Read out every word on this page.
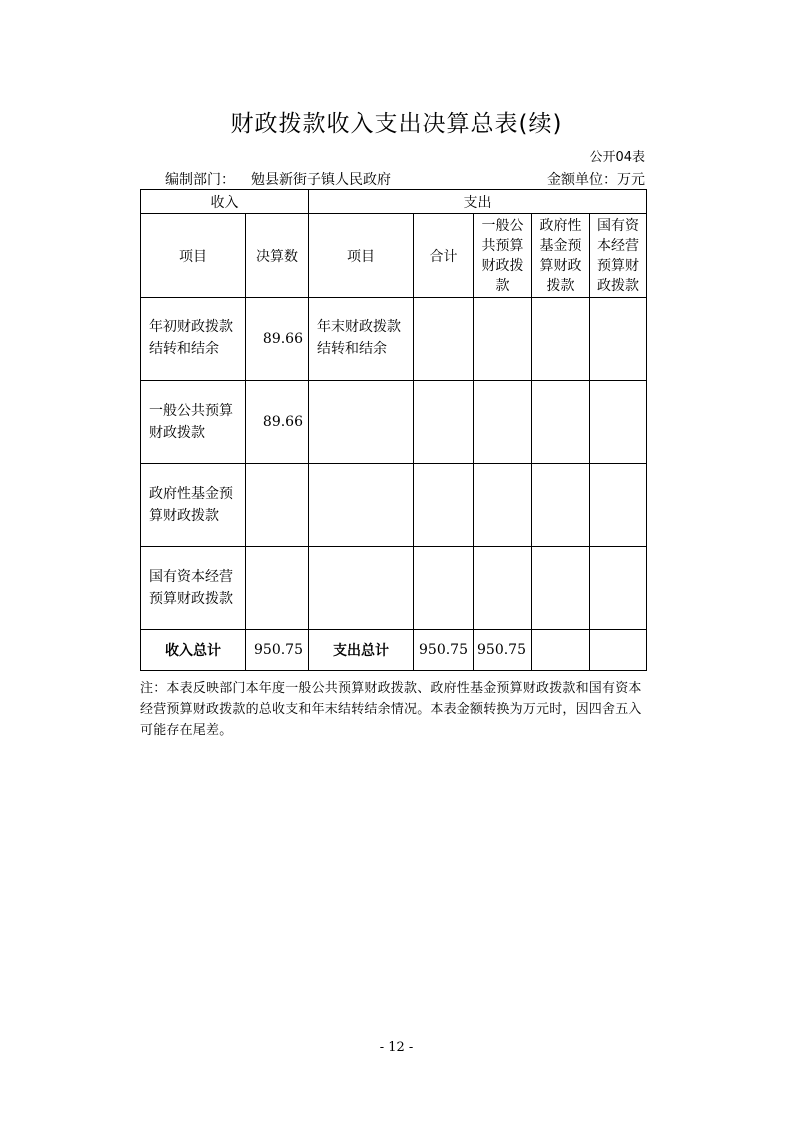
财政拨款收入支出决算总表(续)
公开04表
编制部门： 勉县新街子镇人民政府	金额单位：万元
收入		支出				
项目	决算数	项目	合计	一般公共预算财政拨款	政府性基金预算财政拨款	国有资本经营预算财政拨款
年初财政拨款结转和结余	89.66	年末财政拨款结转和结余				
一般公共预算财政拨款	89.66					
政府性基金预算财政拨款						
国有资本经营预算财政拨款						
收入总计	950.75	支出总计	950.75	950.75		
注：本表反映部门本年度一般公共预算财政拨款、政府性基金预算财政拨款和国有资本经营预算财政拨款的总收支和年末结转结余情况。本表金额转换为万元时，因四舍五入可能存在尾差。
- 12 -
